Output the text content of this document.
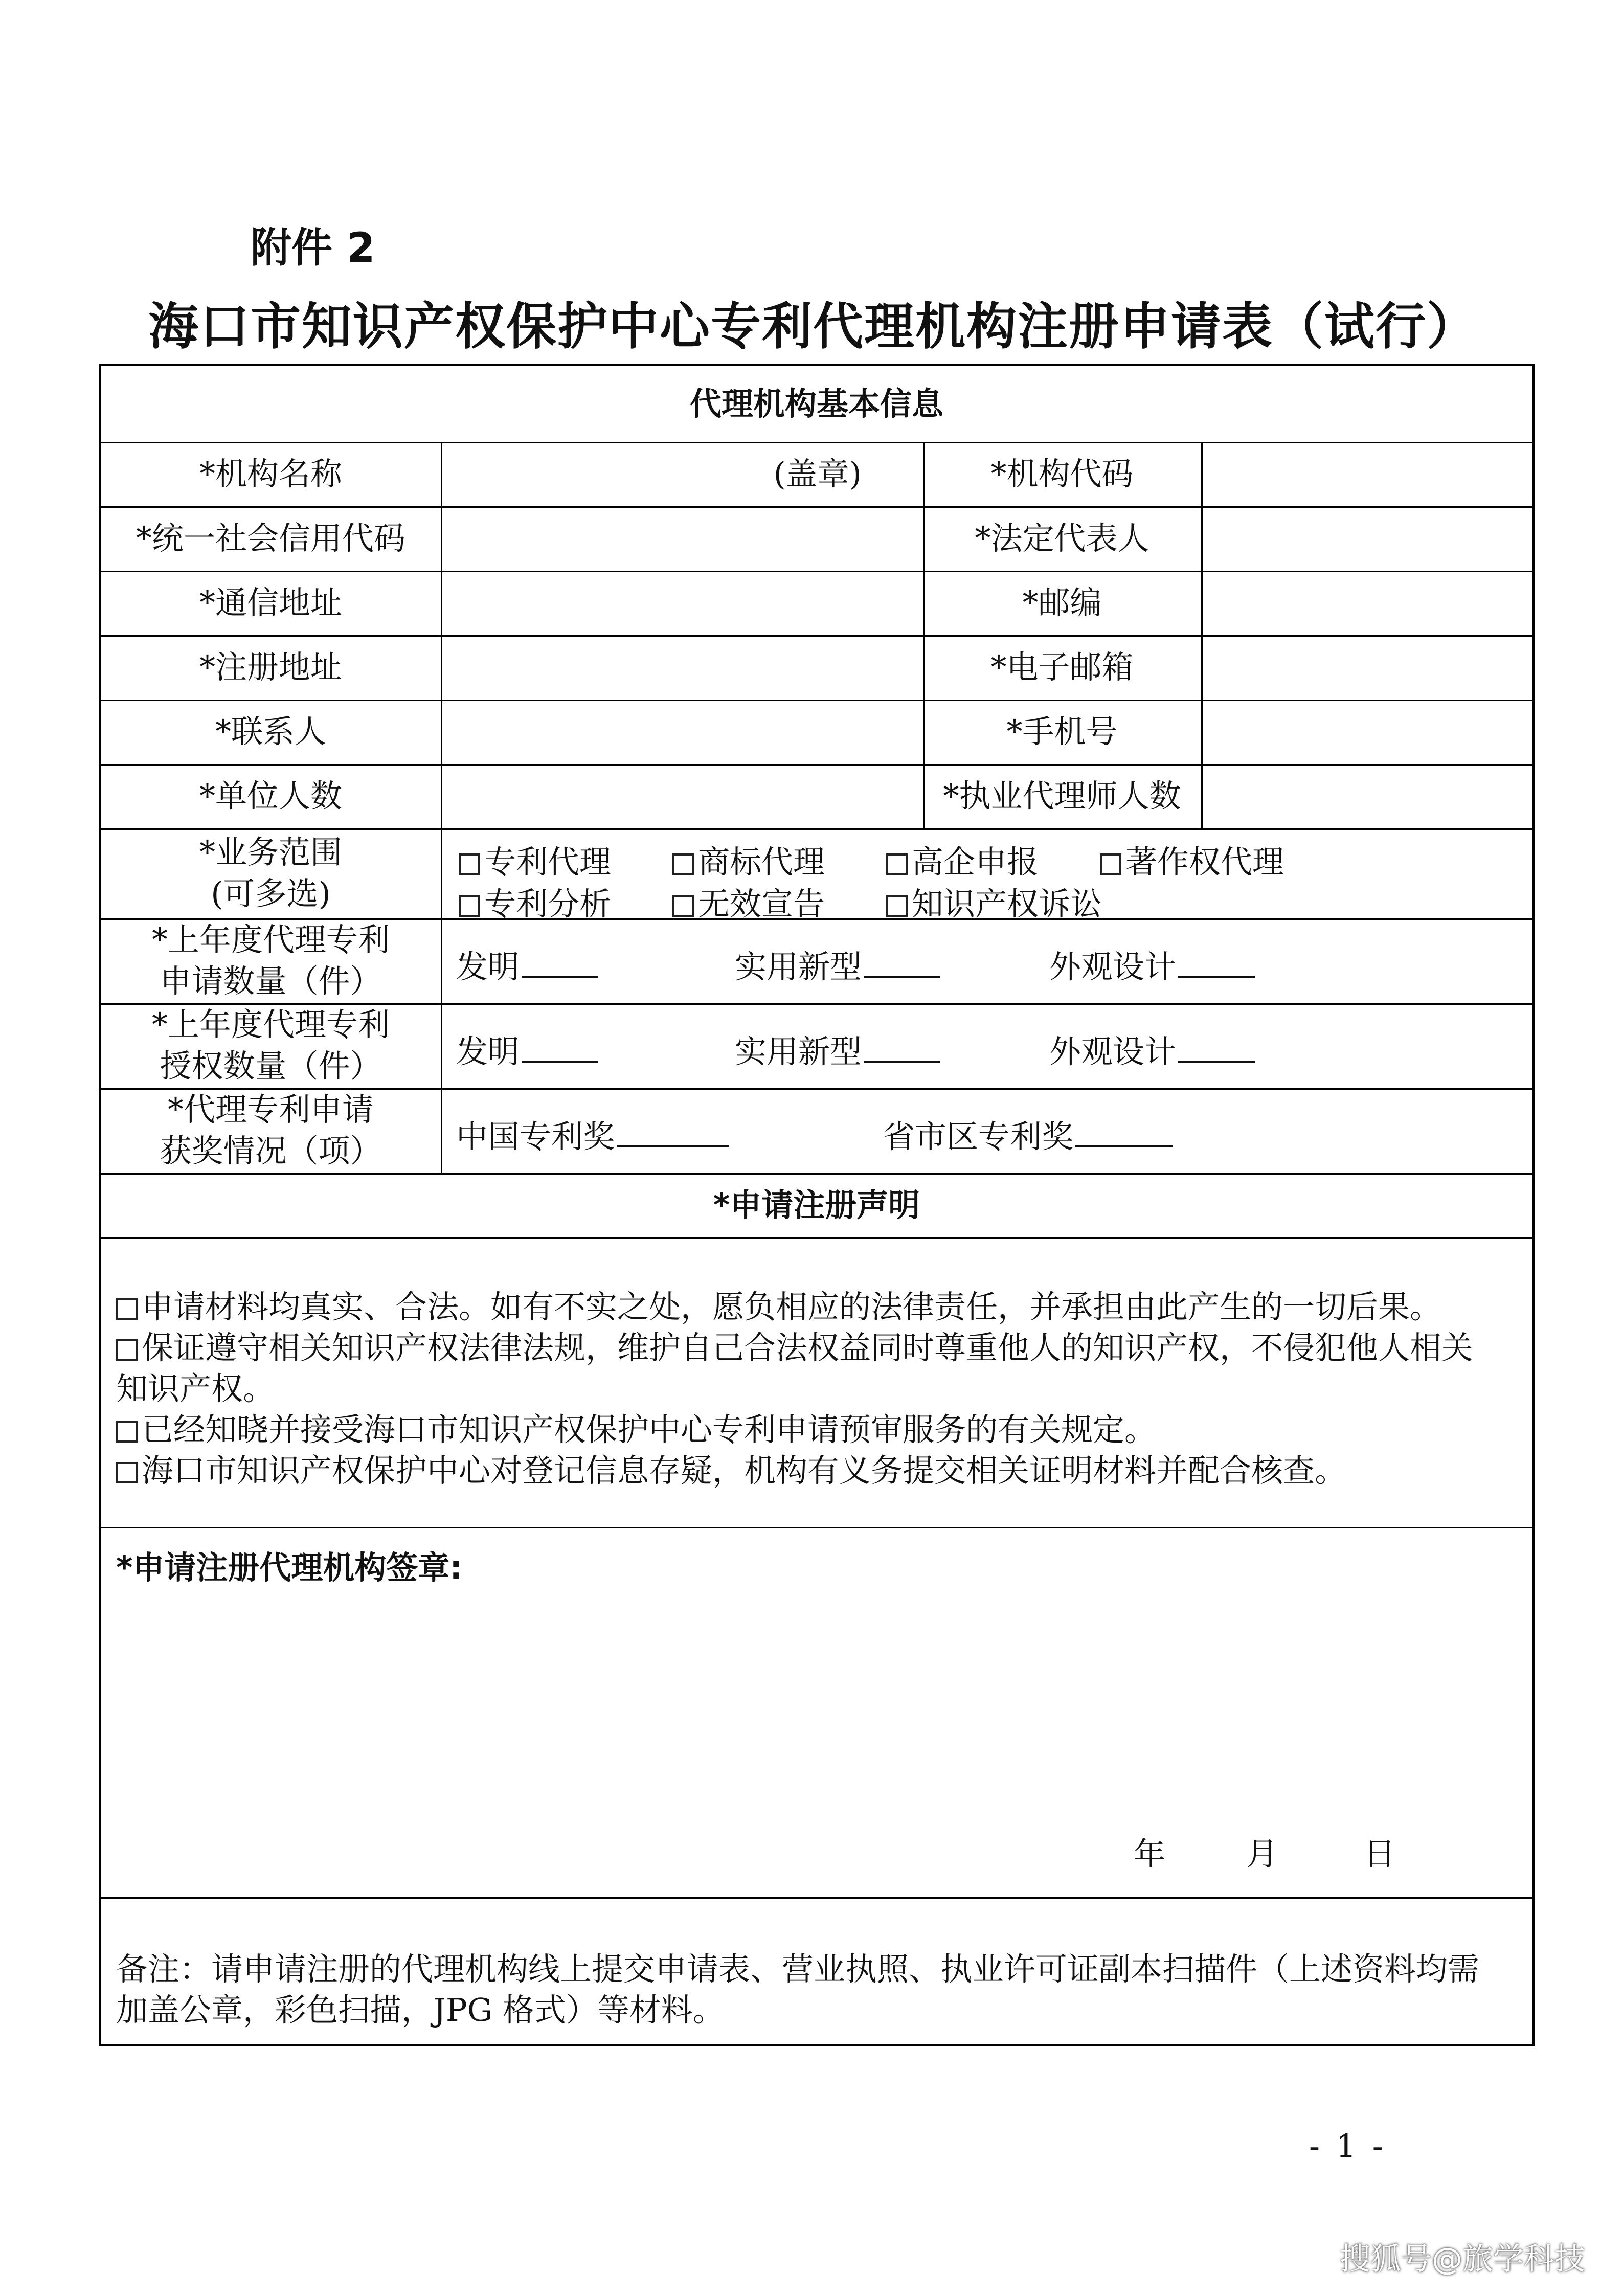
附件 2
海口市知识产权保护中心专利代理机构注册申请表（试行）
代理机构基本信息
*机构名称	(盖章)	*机构代码
*统一社会信用代码	*法定代表人
*通信地址	*邮编
*注册地址	*电子邮箱
*联系人	*手机号
*单位人数	*执业代理师人数
*业务范围
(可多选)
专利代理	商标代理	高企申报	著作权代理
专利分析	无效宣告	知识产权诉讼
*上年度代理专利
申请数量（件） 发明	实用新型	外观设计
*上年度代理专利
授权数量（件） 发明	实用新型	外观设计
*代理专利申请
获奖情况（项） 中国专利奖	省市区专利奖
*申请注册声明
申请材料均真实、合法。如有不实之处，愿负相应的法律责任，并承担由此产生的一切后果。
保证遵守相关知识产权法律法规，维护自己合法权益同时尊重他人的知识产权，不侵犯他人相关
知识产权。
已经知晓并接受海口市知识产权保护中心专利申请预审服务的有关规定。
海口市知识产权保护中心对登记信息存疑，机构有义务提交相关证明材料并配合核查。
*申请注册代理机构签章:
年	月	日
备注：请申请注册的代理机构线上提交申请表、营业执照、执业许可证副本扫描件（上述资料均需
加盖公章，彩色扫描，JPG 格式）等材料。
- 1 -
搜狐号@旅学科技
